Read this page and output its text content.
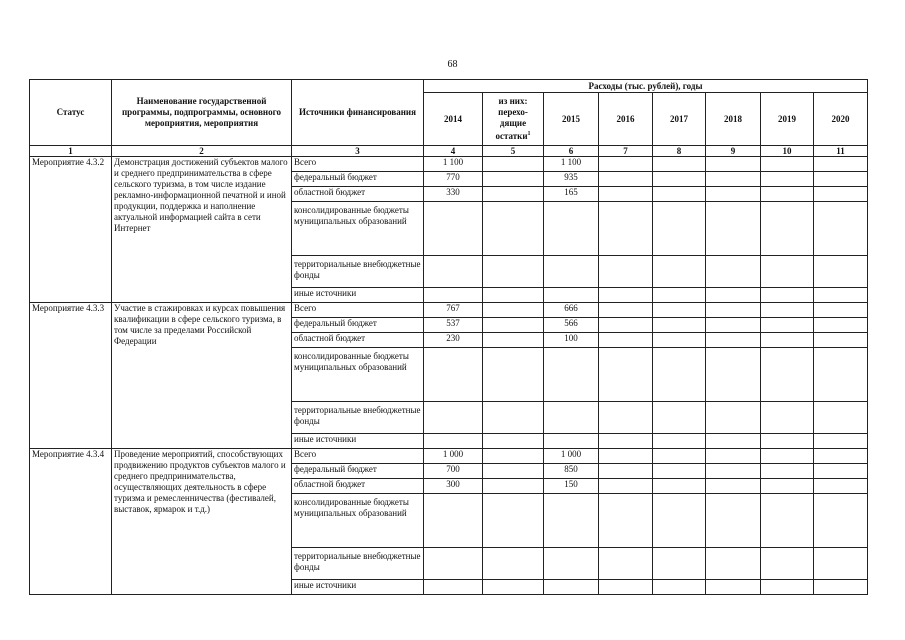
68
Статус	Наименование государственной программы, подпрограммы, основного мероприятия, мероприятия	Источники финансирования	Расходы (тыс. рублей), годы							
			2014	из них: перехо- дящие остатки$^1$	2015	2016	2017	2018	2019	2020
1	2	3	4	5	6	7	8	9	10	11
Мероприятие 4.3.2	Демонстрация достижений субъектов малого и среднего предпринимательства в сфере сельского туризма, в том числе издание рекламно-информационной печатной и иной продукции, поддержка и наполнение актуальной информацией сайта в сети Интернет	Всего	1 100		1 100					
		федеральный бюджет	770		935					
		областной бюджет	330		165					
		консолидированные бюджеты муниципальных образований								
		территориальные внебюджетные фонды								
		иные источники								
Мероприятие 4.3.3	Участие в стажировках и курсах повышения квалификации в сфере сельского туризма, в том числе за пределами Российской Федерации	Всего	767		666					
		федеральный бюджет	537		566					
		областной бюджет	230		100					
		консолидированные бюджеты муниципальных образований								
		территориальные внебюджетные фонды								
		иные источники								
Мероприятие 4.3.4	Проведение мероприятий, способствующих продвижению продуктов субъектов малого и среднего предпринимательства, осуществляющих деятельность в сфере туризма и ремесленничества (фестивалей, выставок, ярмарок и т.д.)	Всего	1 000		1 000					
		федеральный бюджет	700		850					
		областной бюджет	300		150					
		консолидированные бюджеты муниципальных образований								
		территориальные внебюджетные фонды								
		иные источники								
